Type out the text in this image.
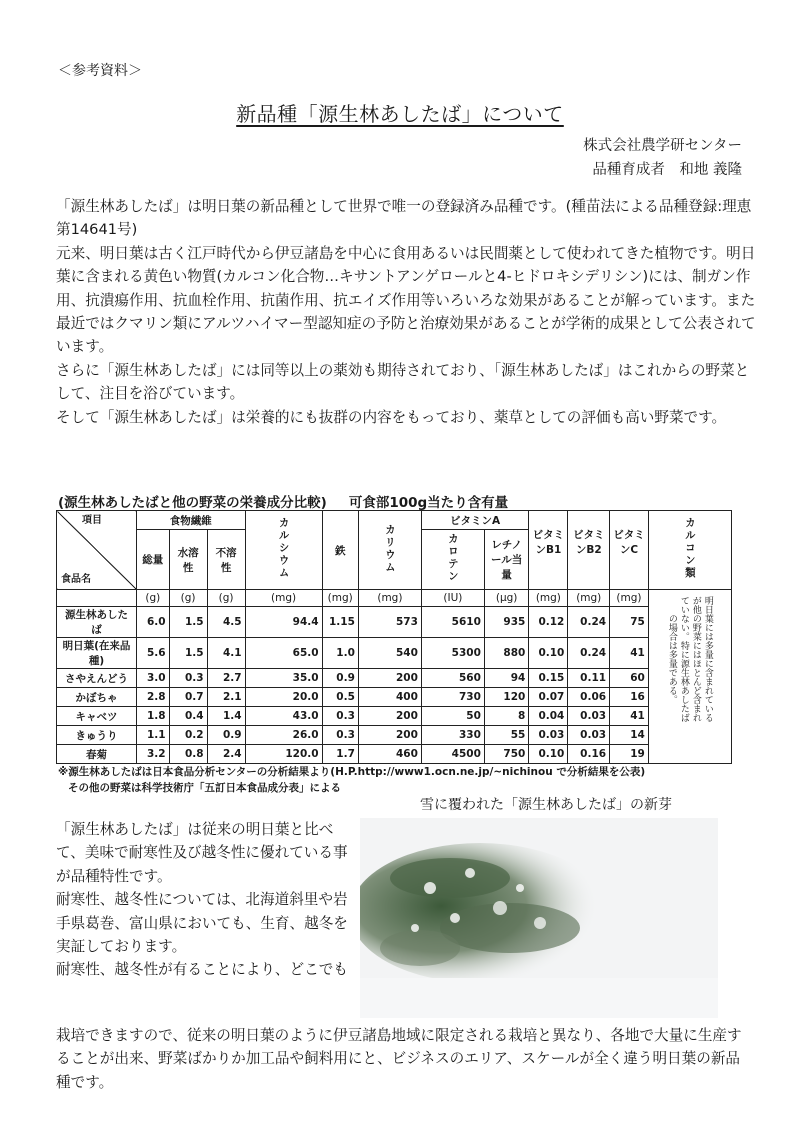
＜参考資料＞
新品種「源生林あしたば」について
株式会社農学研センター
品種育成者　和地 義隆

「源生林あしたば」は明日葉の新品種として世界で唯一の登録済み品種です。(種苗法による品種登録:理恵第14641号)

元来、明日葉は古く江戸時代から伊豆諸島を中心に食用あるいは民間薬として使われてきた植物です。明日葉に含まれる黄色い物質(カルコン化合物…キサントアンゲロールと4-ヒドロキシデリシン)には、制ガン作用、抗潰瘍作用、抗血栓作用、抗菌作用、抗エイズ作用等いろいろな効果があることが解っています。また最近ではクマリン類にアルツハイマー型認知症の予防と治療効果があることが学術的成果として公表されています。

さらに「源生林あしたば」には同等以上の薬効も期待されており、「源生林あしたば」はこれからの野菜として、注目を浴びています。

そして「源生林あしたば」は栄養的にも抜群の内容をもっており、薬草としての評価も高い野菜です。

(源生林あしたばと他の野菜の栄養成分比較) 可食部100g当たり含有量
項目
食品名	食物繊維			カルシウム	鉄	カリウム	ビタミンA		ビタミンB1	ビタミンB2	ビタミンC	カルコン類
	総量	水溶性	不溶性				カロテン	レチノール当量				
	(g)	(g)	(g)	(mg)	(mg)	(mg)	(IU)	(μg)	(mg)	(mg)	(mg)	明日葉には多量に含まれているが他の野菜にはほとんど含まれていない。特に源生林あしたばの場合は多量である。
源生林あしたば	6.0	1.5	4.5	94.4	1.15	573	5610	935	0.12	0.24	75	
明日葉(在来品種)	5.6	1.5	4.1	65.0	1.0	540	5300	880	0.10	0.24	41	
さやえんどう	3.0	0.3	2.7	35.0	0.9	200	560	94	0.15	0.11	60	
かぼちゃ	2.8	0.7	2.1	20.0	0.5	400	730	120	0.07	0.06	16	
キャベツ	1.8	0.4	1.4	43.0	0.3	200	50	8	0.04	0.03	41	
きゅうり	1.1	0.2	0.9	26.0	0.3	200	330	55	0.03	0.03	14	
春菊	3.2	0.8	2.4	120.0	1.7	460	4500	750	0.10	0.16	19	
※源生林あしたばは日本食品分析センターの分析結果より(H.P.http://www1.ocn.ne.jp/~nichinou で分析結果を公表)
その他の野菜は科学技術庁「五訂日本食品成分表」による
雪に覆われた「源生林あしたば」の新芽

「源生林あしたば」は従来の明日葉と比べて、美味で耐寒性及び越冬性に優れている事が品種特性です。

耐寒性、越冬性については、北海道斜里や岩手県葛巻、富山県においても、生育、越冬を実証しております。

耐寒性、越冬性が有ることにより、どこでも

栽培できますので、従来の明日葉のように伊豆諸島地域に限定される栽培と異なり、各地で大量に生産することが出来、野菜ばかりか加工品や飼料用にと、ビジネスのエリア、スケールが全く違う明日葉の新品種です。
